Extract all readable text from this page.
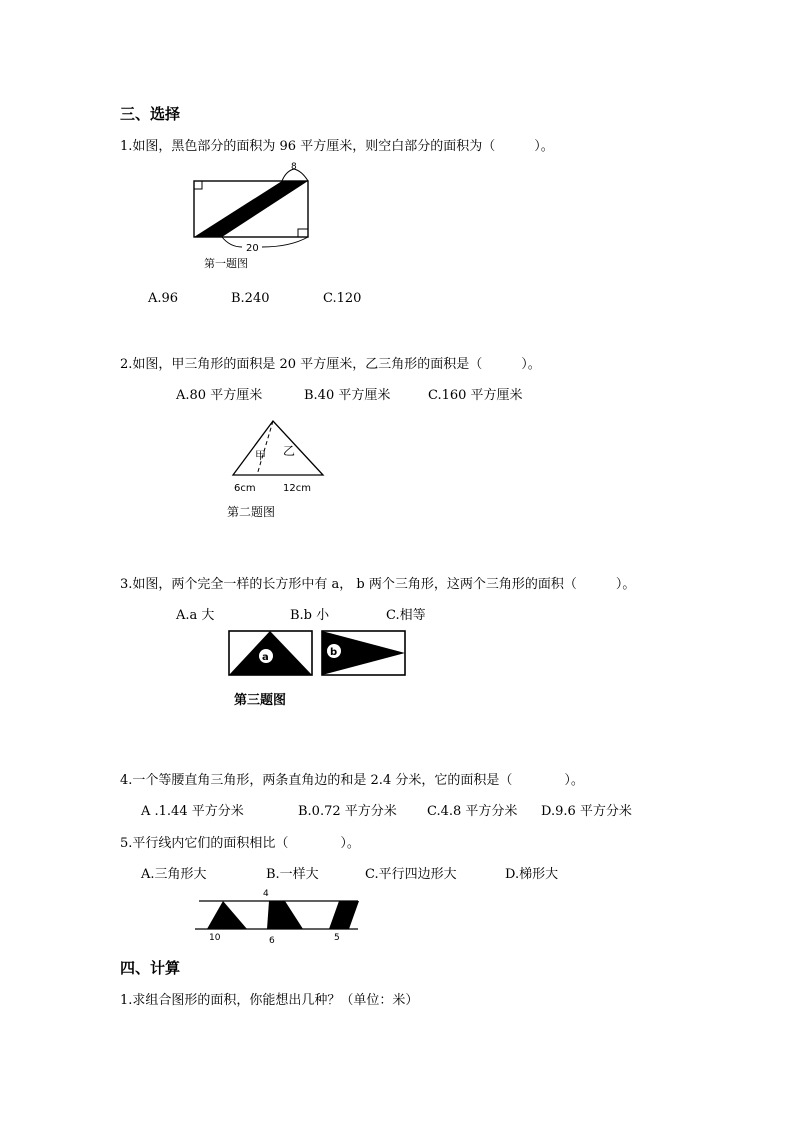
三、选择
1.如图，黑色部分的面积为 96 平方厘米，则空白部分的面积为（　　　）。
8
20
第一题图
A.96	B.240	C.120
2.如图，甲三角形的面积是 20 平方厘米，乙三角形的面积是（　　　）。
A.80 平方厘米	B.40 平方厘米	C.160 平方厘米
甲 乙
6cm	12cm
第二题图
3.如图，两个完全一样的长方形中有 a， b 两个三角形，这两个三角形的面积（　　　）。
A.a 大	B.b 小	C.相等
a	b
第三题图
4.一个等腰直角三角形，两条直角边的和是 2.4 分米，它的面积是（　　　　）。
A .1.44 平方分米	B.0.72 平方分米 C.4.8 平方分米 D.9.6 平方分米
5.平行线内它们的面积相比（　　　　）。
A.三角形大	B.一样大	C.平行四边形大	D.梯形大
4
10	6	5
四、计算
1.求组合图形的面积，你能想出几种？（单位：米）
